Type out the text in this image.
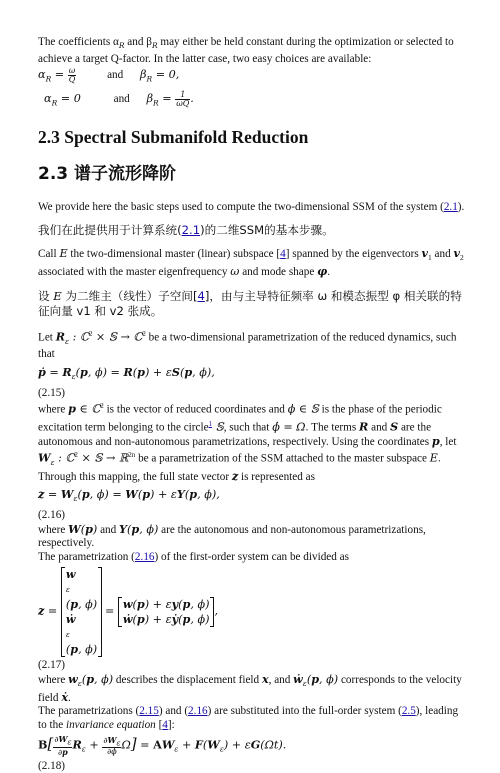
The coefficients $\alpha_R$ and $\beta_R$ may either be held constant during the optimization or selected to achieve a target Q-factor. In the latter case, two easy choices are available:

$\alpha_R = \frac{\omega}{Q}$	and $\beta_R = 0$,
$\alpha_R = 0$	and $\beta_R = \frac{1}{\omega Q}$ .
2.3 Spectral Submanifold Reduction
2.3 谱子流形降阶

We provide here the basic steps used to compute the two-dimensional SSM of the system (2.1).

我们在此提供用于计算系统(2.1)的二维SSM的基本步骤。

Call E the two-dimensional master (linear) subspace [4] spanned by the eigenvectors $v_1$ and $v_2$ associated with the master eigenfrequency ω and mode shape φ.

设 E 为二维主（线性）子空间[4]，由与主导特征频率 ω 和模态振型 φ 相关联的特征向量 v1 和 v2 张成。

Let $R_\varepsilon$ : ℂ$^2$ × 𝕊 → ℂ$^2$ be a two-dimensional parametrization of the reduced dynamics, such that

ṗ = $R_\varepsilon(p$, ϕ) = R(p) + εS(p, ϕ),
(2.15)

where p ∈ ℂ$^2$ is the vector of reduced coordinates and ϕ ∈ 𝕊 is the phase of the periodic excitation term belonging to the circle$^1$ 𝕊, such that ϕ̇ = Ω. The terms R and S are the autonomous and non-autonomous parametrizations, respectively. Using the coordinates p, let $W_\varepsilon$ : ℂ$^2$ × 𝕊 → ℝ$^{2n}$ be a parametrization of the SSM attached to the master subspace E. Through this mapping, the full state vector z is represented as

$z = W_\varepsilon(p$, ϕ) = W(p) + εY(p, ϕ),
(2.16)

where W(p) and Y(p, ϕ) are the autonomous and non-autonomous parametrizations, respectively.

The parametrization (2.16) of the first-order system can be divided as

z =
w
ε
(p, ϕ)
ẇ
ε
(p, ϕ)
=
w(p) + εy(p, ϕ)
ẇ(p) + εẏ(p, ϕ)
,
(2.17)

where $w_\varepsilon(p$, ϕ) describes the displacement field x, and ẇ$_\varepsilon$(p, ϕ) corresponds to the velocity field ẋ.

The parametrizations (2.15) and (2.16) are substituted into the full-order system (2.5), leading to the invariance equation [4]:

$B[ \frac{\partial W\varepsilon}{\partial p} R_\varepsilon + \frac{\partial W\varepsilon}{\partial\phi} \Omega] = AW_\varepsilon + F(W_\varepsilon) + \varepsilon G(\Omega t)$.
(2.18)
